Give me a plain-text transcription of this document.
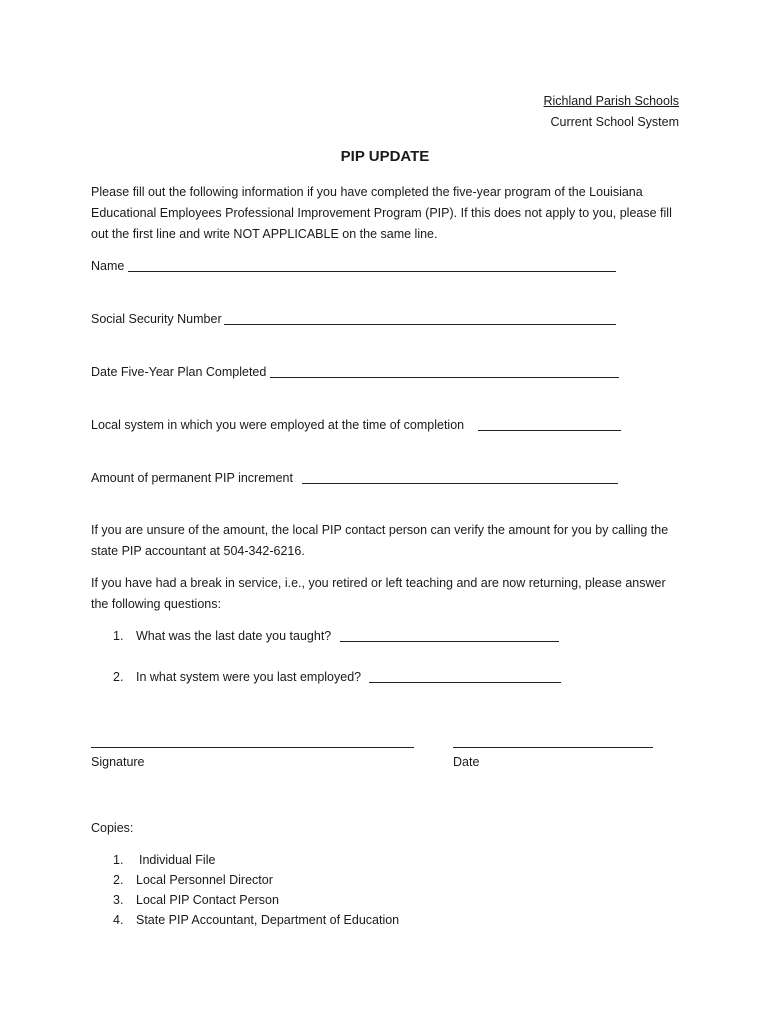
Richland Parish Schools
Current School System
PIP UPDATE
Please fill out the following information if you have completed the five-year program of the Louisiana Educational Employees Professional Improvement Program (PIP). If this does not apply to you, please fill out the first line and write NOT APPLICABLE on the same line.
Name
Social Security Number
Date Five-Year Plan Completed
Local system in which you were employed at the time of completion
Amount of permanent PIP increment
If you are unsure of the amount, the local PIP contact person can verify the amount for you by calling the state PIP accountant at 504-342-6216.
If you have had a break in service, i.e., you retired or left teaching and are now returning, please answer the following questions:
1. What was the last date you taught?
2. In what system were you last employed?
Signature	Date
Copies:
1. Individual File
2. Local Personnel Director
3. Local PIP Contact Person
4. State PIP Accountant, Department of Education
